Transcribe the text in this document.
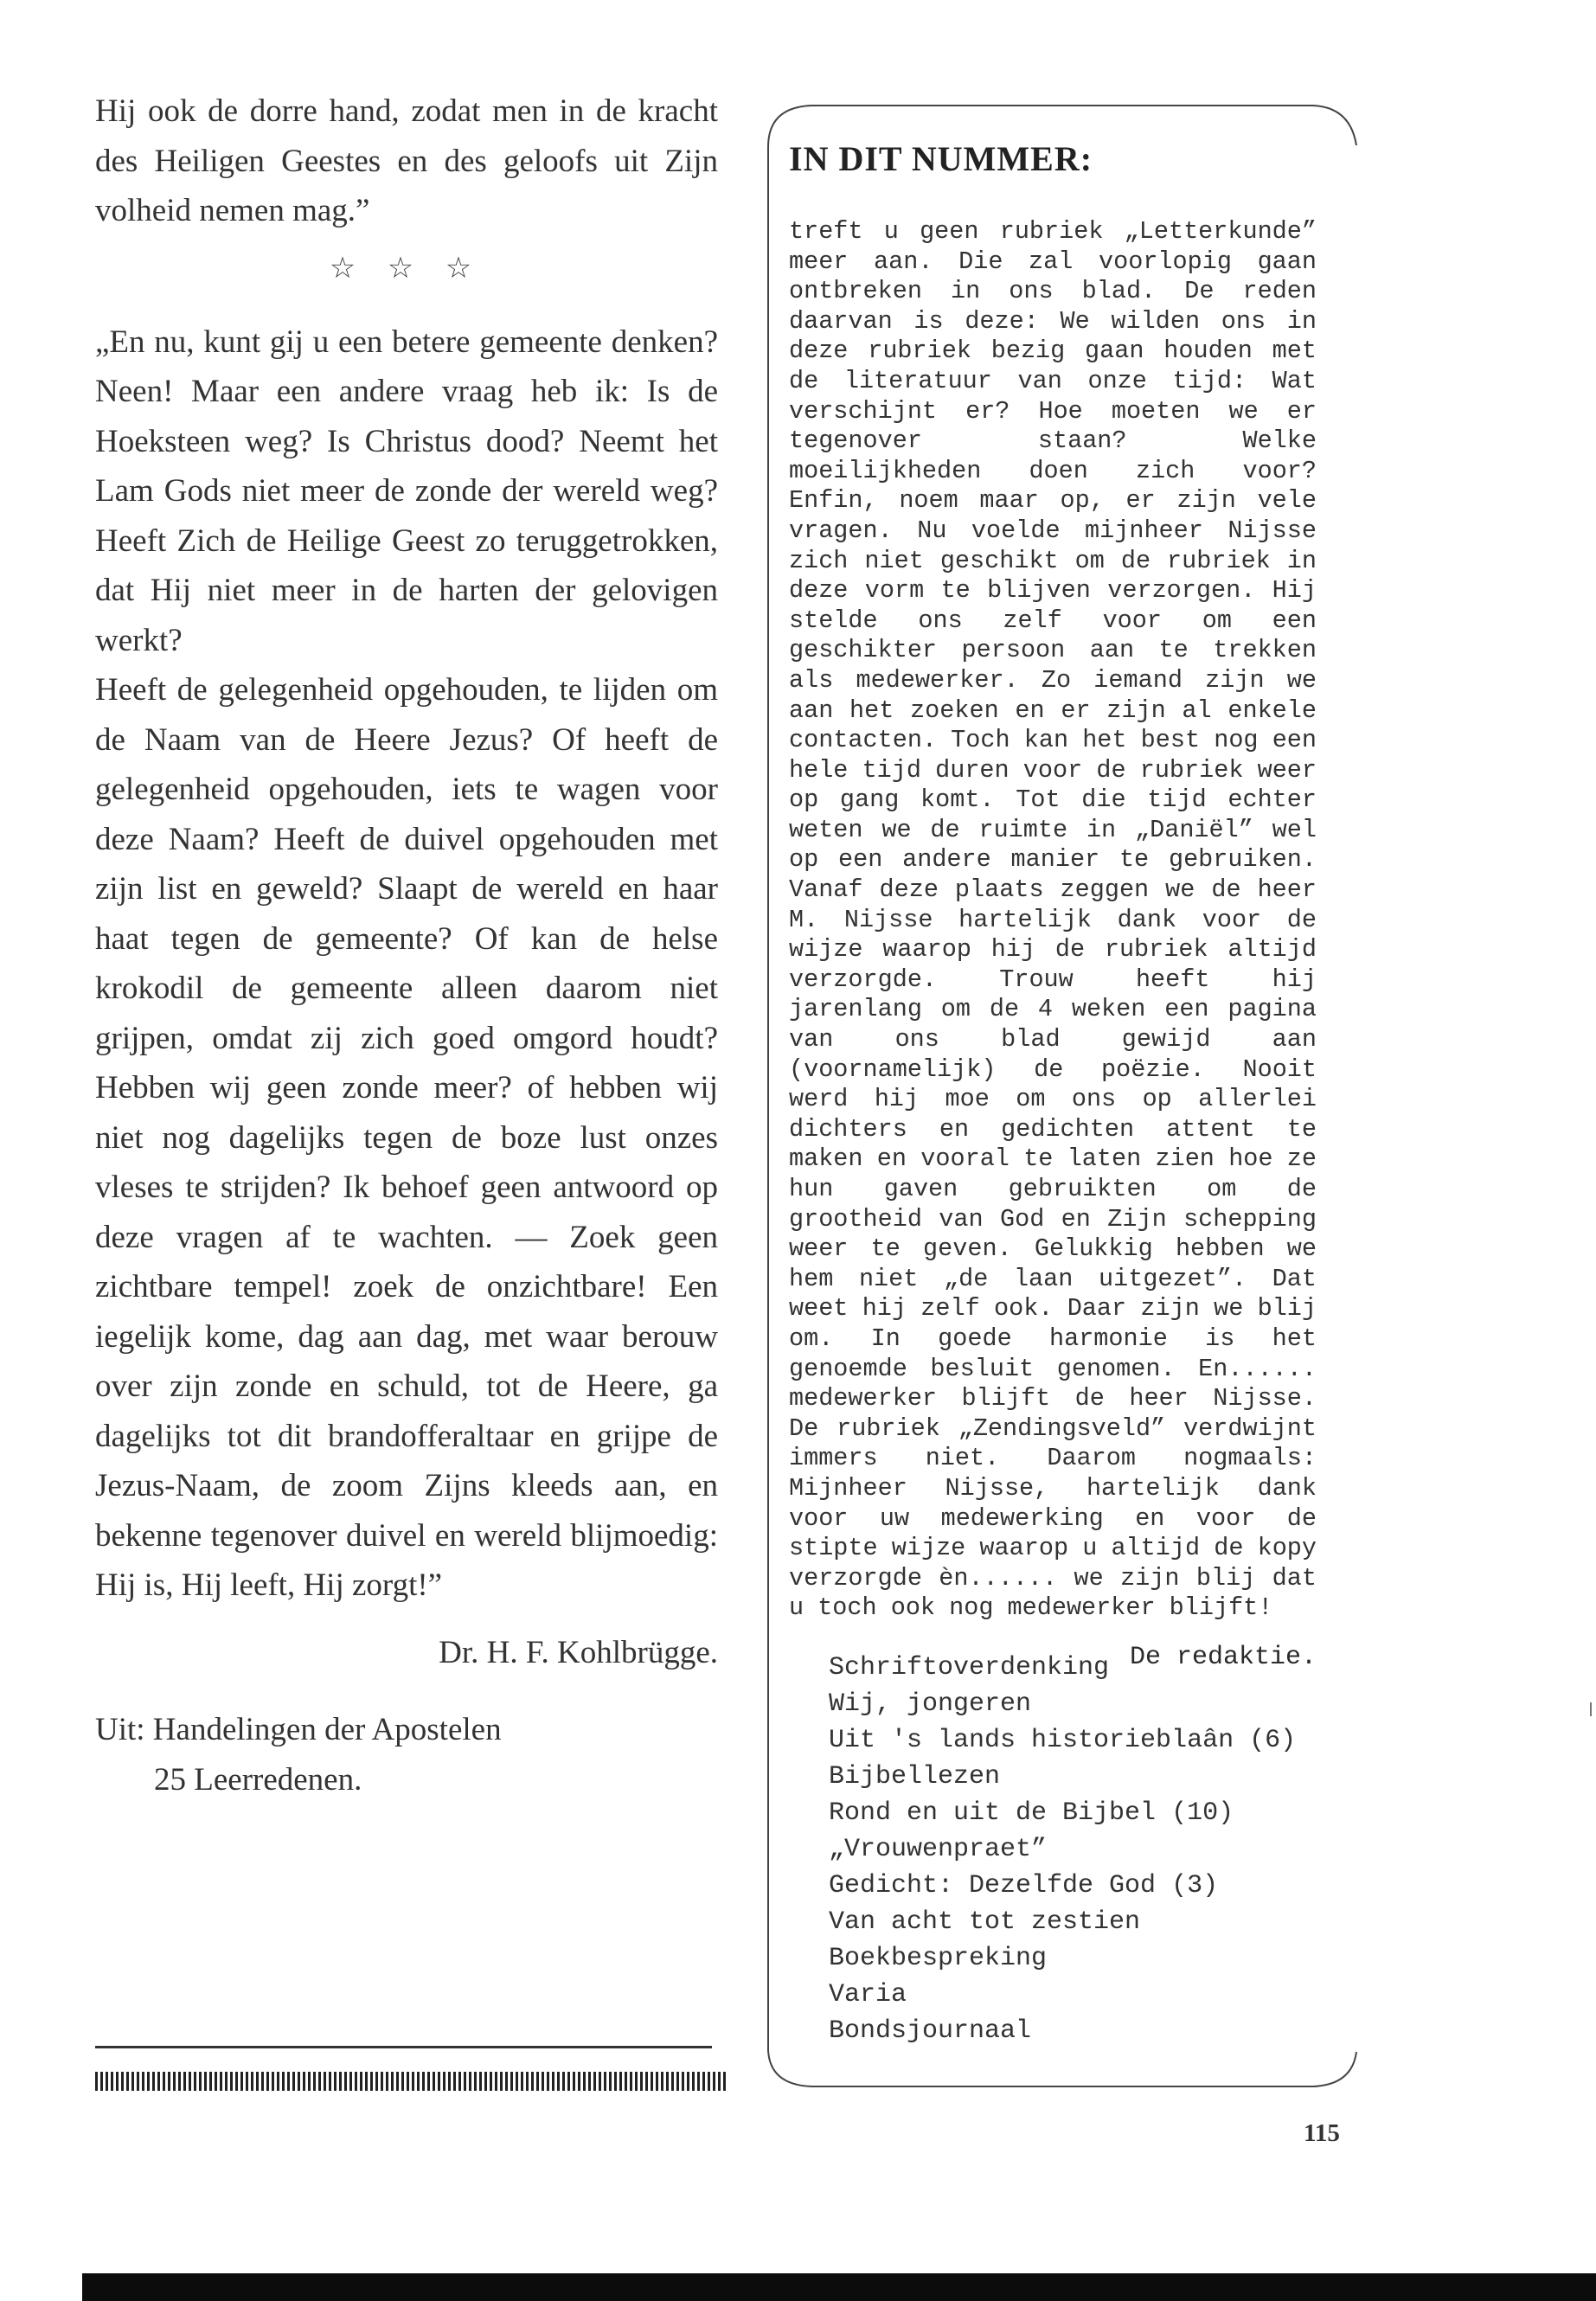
Hij ook de dorre hand, zodat men in de kracht des Heiligen Geestes en des geloofs uit Zijn volheid nemen mag.”

☆ ☆ ☆

„En nu, kunt gij u een betere gemeente denken? Neen! Maar een andere vraag heb ik: Is de Hoeksteen weg? Is Christus dood? Neemt het Lam Gods niet meer de zonde der wereld weg? Heeft Zich de Heilige Geest zo teruggetrokken, dat Hij niet meer in de harten der gelovigen werkt?

Heeft de gelegenheid opgehouden, te lijden om de Naam van de Heere Jezus? Of heeft de gelegenheid opgehouden, iets te wagen voor deze Naam? Heeft de duivel opgehouden met zijn list en geweld? Slaapt de wereld en haar haat tegen de gemeente? Of kan de helse krokodil de gemeente alleen daarom niet grijpen, omdat zij zich goed omgord houdt? Hebben wij geen zonde meer? of hebben wij niet nog dagelijks tegen de boze lust onzes vleses te strijden? Ik behoef geen antwoord op deze vragen af te wachten. — Zoek geen zichtbare tempel! zoek de onzichtbare! Een iegelijk kome, dag aan dag, met waar berouw over zijn zonde en schuld, tot de Heere, ga dagelijks tot dit brandofferaltaar en grijpe de Jezus-Naam, de zoom Zijns kleeds aan, en bekenne tegenover duivel en wereld blijmoedig: Hij is, Hij leeft, Hij zorgt!”

Dr. H. F. Kohlbrügge.
Uit: Handelingen der Apostelen

25 Leerredenen.
IN DIT NUMMER:

treft u geen rubriek „Letterkunde” meer aan. Die zal voorlopig gaan ontbreken in ons blad. De reden daarvan is deze: We wilden ons in deze rubriek bezig gaan houden met de literatuur van onze tijd: Wat verschijnt er? Hoe moeten we er tegenover staan? Welke moeilijkheden doen zich voor? Enfin, noem maar op, er zijn vele vragen. Nu voelde mijnheer Nijsse zich niet geschikt om de rubriek in deze vorm te blijven verzorgen. Hij stelde ons zelf voor om een geschikter persoon aan te trekken als medewerker. Zo iemand zijn we aan het zoeken en er zijn al enkele contacten. Toch kan het best nog een hele tijd duren voor de rubriek weer op gang komt. Tot die tijd echter weten we de ruimte in „Daniël” wel op een andere manier te gebruiken. Vanaf deze plaats zeggen we de heer M. Nijsse hartelijk dank voor de wijze waarop hij de rubriek altijd verzorgde. Trouw heeft hij jarenlang om de 4 weken een pagina van ons blad gewijd aan (voornamelijk) de poëzie. Nooit werd hij moe om ons op allerlei dichters en gedichten attent te maken en vooral te laten zien hoe ze hun gaven gebruikten om de grootheid van God en Zijn schepping weer te geven. Gelukkig hebben we hem niet „de laan uitgezet”. Dat weet hij zelf ook. Daar zijn we blij om. In goede harmonie is het genoemde besluit genomen. En...... medewerker blijft de heer Nijsse. De rubriek „Zendingsveld” verdwijnt immers niet. Daarom nogmaals: Mijnheer Nijsse, hartelijk dank voor uw medewerking en voor de stipte wijze waarop u altijd de kopy verzorgde èn...... we zijn blij dat u toch ook nog medewerker blijft!

De redaktie.
Schriftoverdenking
Wij, jongeren
Uit 's lands historieblaân (6)
Bijbellezen
Rond en uit de Bijbel (10)
„Vrouwenpraet”
Gedicht: Dezelfde God (3)
Van acht tot zestien
Boekbespreking
Varia
Bondsjournaal
115
